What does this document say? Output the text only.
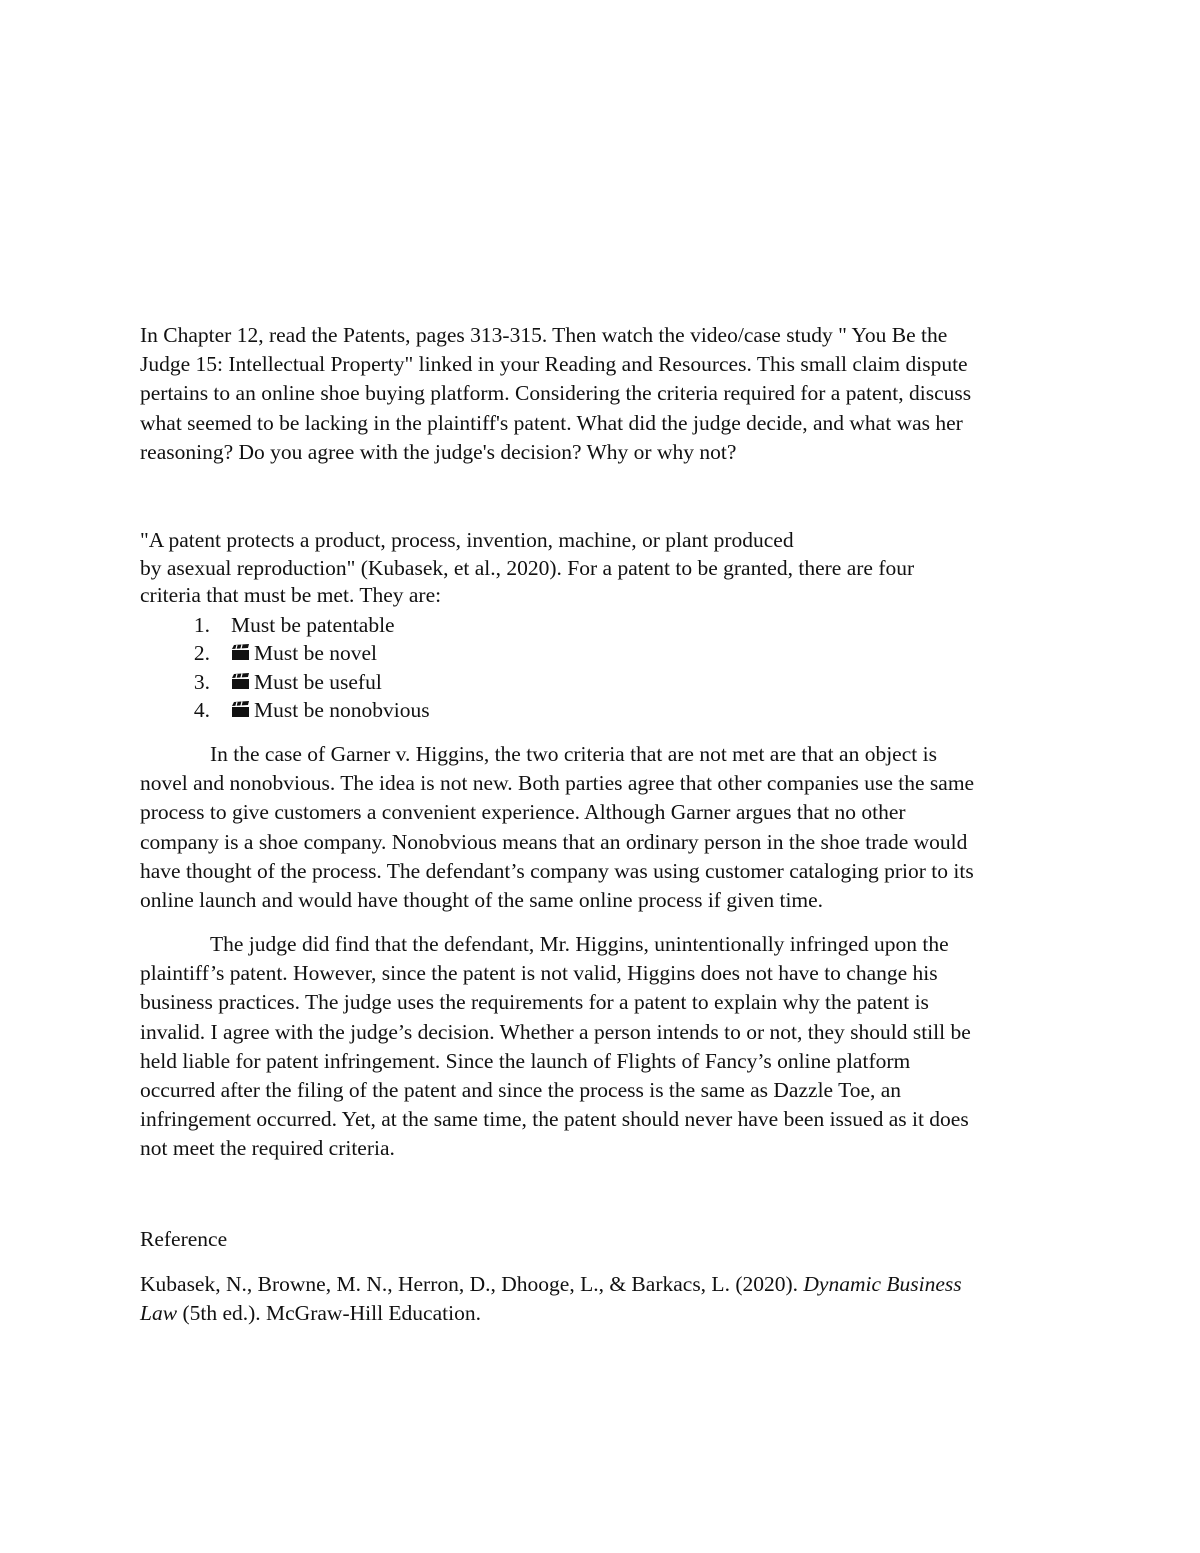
In Chapter 12, read the Patents, pages 313-315. Then watch the video/case study " You Be the
Judge 15: Intellectual Property" linked in your Reading and Resources. This small claim dispute
pertains to an online shoe buying platform. Considering the criteria required for a patent, discuss
what seemed to be lacking in the plaintiff's patent. What did the judge decide, and what was her
reasoning? Do you agree with the judge's decision? Why or why not?
"A patent protects a product, process, invention, machine, or plant produced
by asexual reproduction" (Kubasek, et al., 2020). For a patent to be granted, there are four
criteria that must be met. They are:
1. Must be patentable
2. Must be novel
3. Must be useful
4. Must be nonobvious
In the case of Garner v. Higgins, the two criteria that are not met are that an object is
novel and nonobvious. The idea is not new. Both parties agree that other companies use the same
process to give customers a convenient experience. Although Garner argues that no other
company is a shoe company. Nonobvious means that an ordinary person in the shoe trade would
have thought of the process. The defendant’s company was using customer cataloging prior to its
online launch and would have thought of the same online process if given time.
The judge did find that the defendant, Mr. Higgins, unintentionally infringed upon the
plaintiff’s patent. However, since the patent is not valid, Higgins does not have to change his
business practices. The judge uses the requirements for a patent to explain why the patent is
invalid. I agree with the judge’s decision. Whether a person intends to or not, they should still be
held liable for patent infringement. Since the launch of Flights of Fancy’s online platform
occurred after the filing of the patent and since the process is the same as Dazzle Toe, an
infringement occurred. Yet, at the same time, the patent should never have been issued as it does
not meet the required criteria.
Reference
Kubasek, N., Browne, M. N., Herron, D., Dhooge, L., & Barkacs, L. (2020). Dynamic Business
Law (5th ed.). McGraw-Hill Education.
